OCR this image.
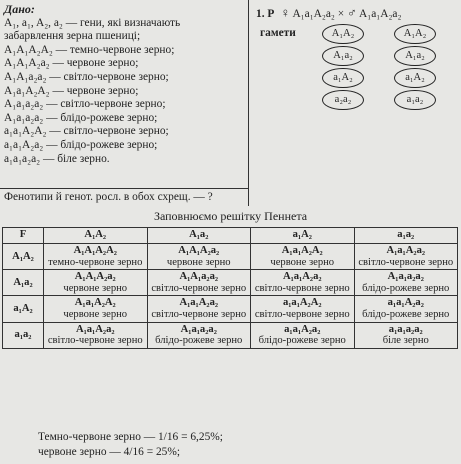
Дано:
A₁, a₁, A₂, a₂ — гени, які визначають
забарвлення зерна пшениці;
A₁A₁A₂A₂ — темно-червоне зерно;
A₁A₁A₂a₂ — червоне зерно;
A₁A₁a₂a₂ — світло-червоне зерно;
A₁a₁A₂A₂ — червоне зерно;
A₁a₁a₂a₂ — світло-червоне зерно;
A₁a₁a₂a₂ — блідо-рожеве зерно;
a₁a₁A₂A₂ — світло-червоне зерно;
a₁a₁A₂a₂ — блідо-рожеве зерно;
a₁a₁a₂a₂ — біле зерно.
Фенотипи й генот. росл. в обох схрещ. — ?
1. P  ♀ A₁a₁A₂a₂ × ♂ A₁a₁A₂a₂
гамети	A₁A₂	A₁A₂
A₁a₂	A₁a₂
a₁A₂	a₁A₂
a₂a₂	a₁a₂
Заповнюємо решітку Пеннета
F	A₁A₂	A₁a₂	a₁A₂	a₁a₂
A₁A₂	A₁A₁A₂A₂
темно-червоне зерно	A₁A₁A₂a₂
червоне зерно	A₁a₁A₂A₂
червоне зерно	A₁a₁A₂a₂
світло-червоне зерно
A₁a₂	A₁A₁A₂a₂
червоне зерно	A₁A₁a₂a₂
світло-червоне зерно	A₁a₁A₂a₂
світло-червоне зерно	A₁a₁a₂a₂
блідо-рожеве зерно
a₁A₂	A₁a₁A₂A₂
червоне зерно	A₁a₁A₂a₂
світло-червоне зерно	a₁a₁A₂A₂
світло-червоне зерно	a₁a₁A₂a₂
блідо-рожеве зерно
a₁a₂	A₁a₁A₂a₂
світло-червоне зерно	A₁a₁a₂a₂
блідо-рожеве зерно	a₁a₁A₂a₂
блідо-рожеве зерно	a₁a₁a₂a₂
біле зерно
Темно-червоне зерно — 1/16 = 6,25%;
червоне зерно — 4/16 = 25%;
